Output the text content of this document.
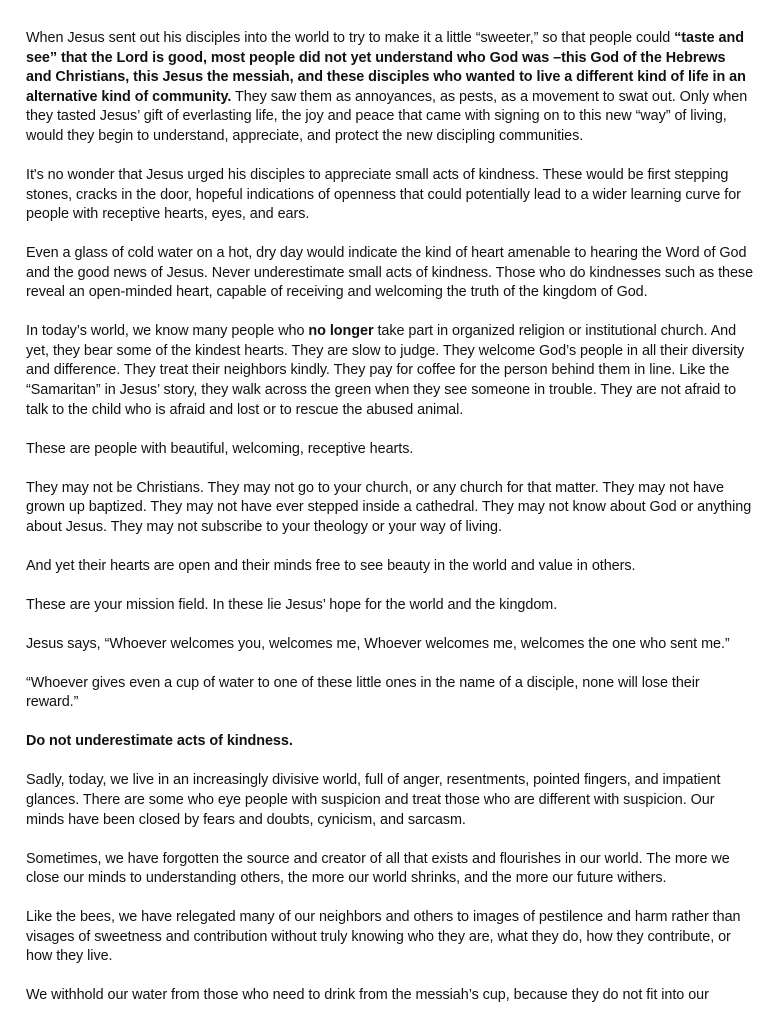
When Jesus sent out his disciples into the world to try to make it a little “sweeter,” so that people could “taste and see” that the Lord is good, most people did not yet understand who God was –this God of the Hebrews and Christians, this Jesus the messiah, and these disciples who wanted to live a different kind of life in an alternative kind of community. They saw them as annoyances, as pests, as a movement to swat out. Only when they tasted Jesus’ gift of everlasting life, the joy and peace that came with signing on to this new “way” of living, would they begin to understand, appreciate, and protect the new discipling communities.

It's no wonder that Jesus urged his disciples to appreciate small acts of kindness. These would be first stepping stones, cracks in the door, hopeful indications of openness that could potentially lead to a wider learning curve for people with receptive hearts, eyes, and ears.

Even a glass of cold water on a hot, dry day would indicate the kind of heart amenable to hearing the Word of God and the good news of Jesus. Never underestimate small acts of kindness. Those who do kindnesses such as these reveal an open-minded heart, capable of receiving and welcoming the truth of the kingdom of God.

In today’s world, we know many people who no longer take part in organized religion or institutional church. And yet, they bear some of the kindest hearts. They are slow to judge. They welcome God’s people in all their diversity and difference. They treat their neighbors kindly. They pay for coffee for the person behind them in line. Like the “Samaritan” in Jesus’ story, they walk across the green when they see someone in trouble. They are not afraid to talk to the child who is afraid and lost or to rescue the abused animal.

These are people with beautiful, welcoming, receptive hearts.

They may not be Christians. They may not go to your church, or any church for that matter. They may not have grown up baptized. They may not have ever stepped inside a cathedral. They may not know about God or anything about Jesus. They may not subscribe to your theology or your way of living.

And yet their hearts are open and their minds free to see beauty in the world and value in others.

These are your mission field. In these lie Jesus’ hope for the world and the kingdom.

Jesus says, “Whoever welcomes you, welcomes me, Whoever welcomes me, welcomes the one who sent me.”

“Whoever gives even a cup of water to one of these little ones in the name of a disciple, none will lose their reward.”

Do not underestimate acts of kindness.

Sadly, today, we live in an increasingly divisive world, full of anger, resentments, pointed fingers, and impatient glances. There are some who eye people with suspicion and treat those who are different with suspicion. Our minds have been closed by fears and doubts, cynicism, and sarcasm.

Sometimes, we have forgotten the source and creator of all that exists and flourishes in our world. The more we close our minds to understanding others, the more our world shrinks, and the more our future withers.

Like the bees, we have relegated many of our neighbors and others to images of pestilence and harm rather than visages of sweetness and contribution without truly knowing who they are, what they do, how they contribute, or how they live.

We withhold our water from those who need to drink from the messiah’s cup, because they do not fit into our
